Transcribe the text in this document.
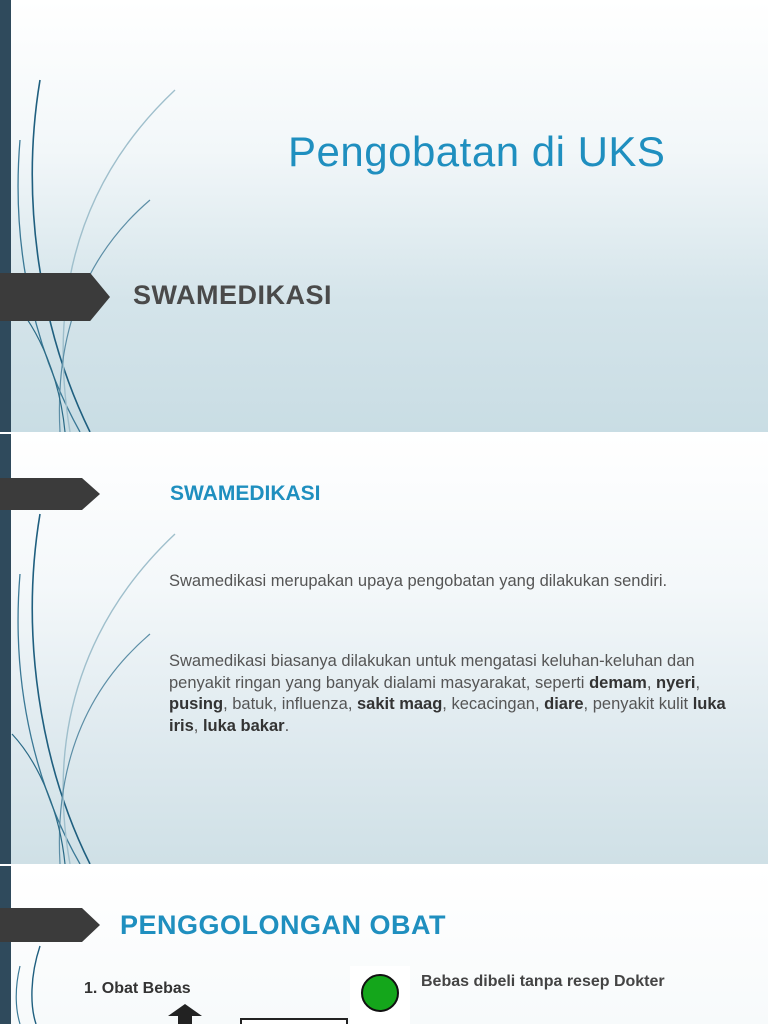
Pengobatan di UKS
SWAMEDIKASI
SWAMEDIKASI

Swamedikasi merupakan upaya pengobatan yang dilakukan sendiri.

Swamedikasi biasanya dilakukan untuk mengatasi keluhan-keluhan dan penyakit ringan yang banyak dialami masyarakat, seperti demam, nyeri, pusing, batuk, influenza, sakit maag, kecacingan, diare, penyakit kulit luka iris, luka bakar.

PENGGOLONGAN OBAT
1. Obat Bebas	Bebas dibeli tanpa resep Dokter
